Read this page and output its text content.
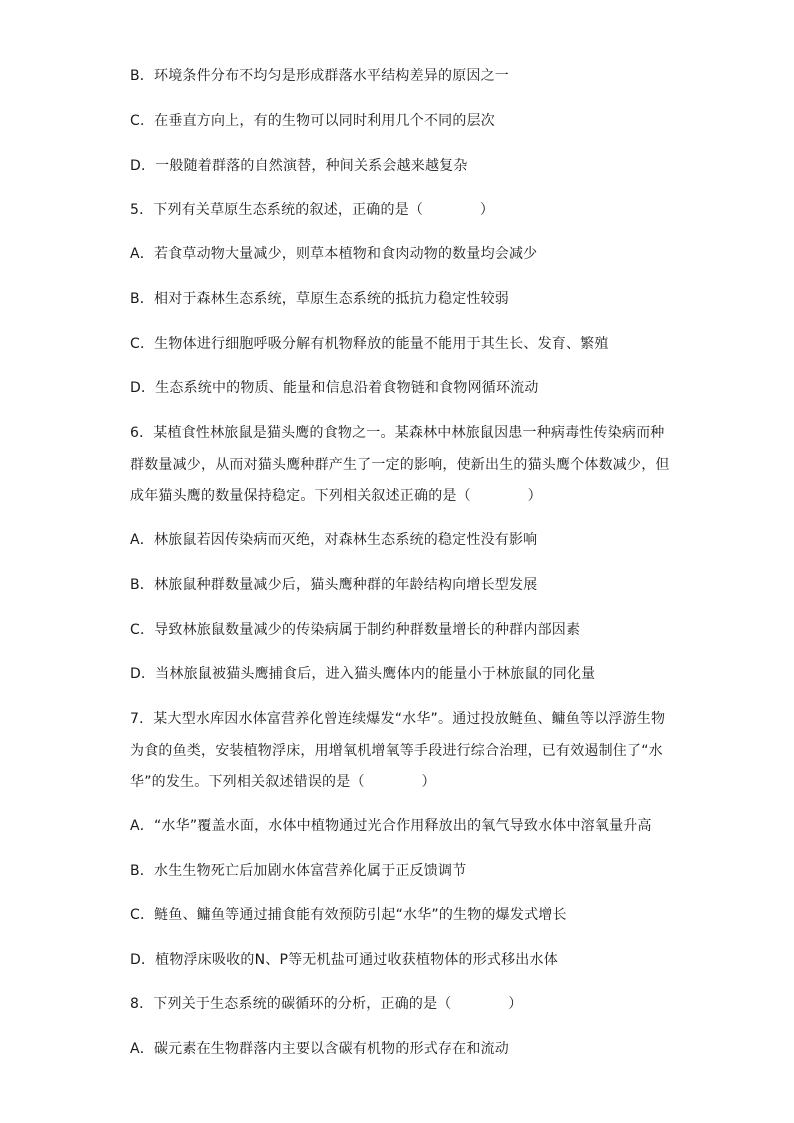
B．环境条件分布不均匀是形成群落水平结构差异的原因之一
C．在垂直方向上，有的生物可以同时利用几个不同的层次
D．一般随着群落的自然演替，种间关系会越来越复杂
5．下列有关草原生态系统的叙述，正确的是（　　　　）
A．若食草动物大量减少，则草本植物和食肉动物的数量均会减少
B．相对于森林生态系统，草原生态系统的抵抗力稳定性较弱
C．生物体进行细胞呼吸分解有机物释放的能量不能用于其生长、发育、繁殖
D．生态系统中的物质、能量和信息沿着食物链和食物网循环流动
6．某植食性林旅鼠是猫头鹰的食物之一。某森林中林旅鼠因患一种病毒性传染病而种
群数量减少，从而对猫头鹰种群产生了一定的影响，使新出生的猫头鹰个体数减少，但
成年猫头鹰的数量保持稳定。下列相关叙述正确的是（　　　　）
A．林旅鼠若因传染病而灭绝，对森林生态系统的稳定性没有影响
B．林旅鼠种群数量减少后，猫头鹰种群的年龄结构向增长型发展
C．导致林旅鼠数量减少的传染病属于制约种群数量增长的种群内部因素
D．当林旅鼠被猫头鹰捕食后，进入猫头鹰体内的能量小于林旅鼠的同化量
7．某大型水库因水体富营养化曾连续爆发“水华”。通过投放鲢鱼、鳙鱼等以浮游生物
为食的鱼类，安装植物浮床，用增氧机增氧等手段进行综合治理，已有效遏制住了“水
华”的发生。下列相关叙述错误的是（　　　　）
A．“水华”覆盖水面，水体中植物通过光合作用释放出的氧气导致水体中溶氧量升高
B．水生生物死亡后加剧水体富营养化属于正反馈调节
C．鲢鱼、鳙鱼等通过捕食能有效预防引起“水华”的生物的爆发式增长
D．植物浮床吸收的N、P等无机盐可通过收获植物体的形式移出水体
8．下列关于生态系统的碳循环的分析，正确的是（　　　　）
A．碳元素在生物群落内主要以含碳有机物的形式存在和流动
